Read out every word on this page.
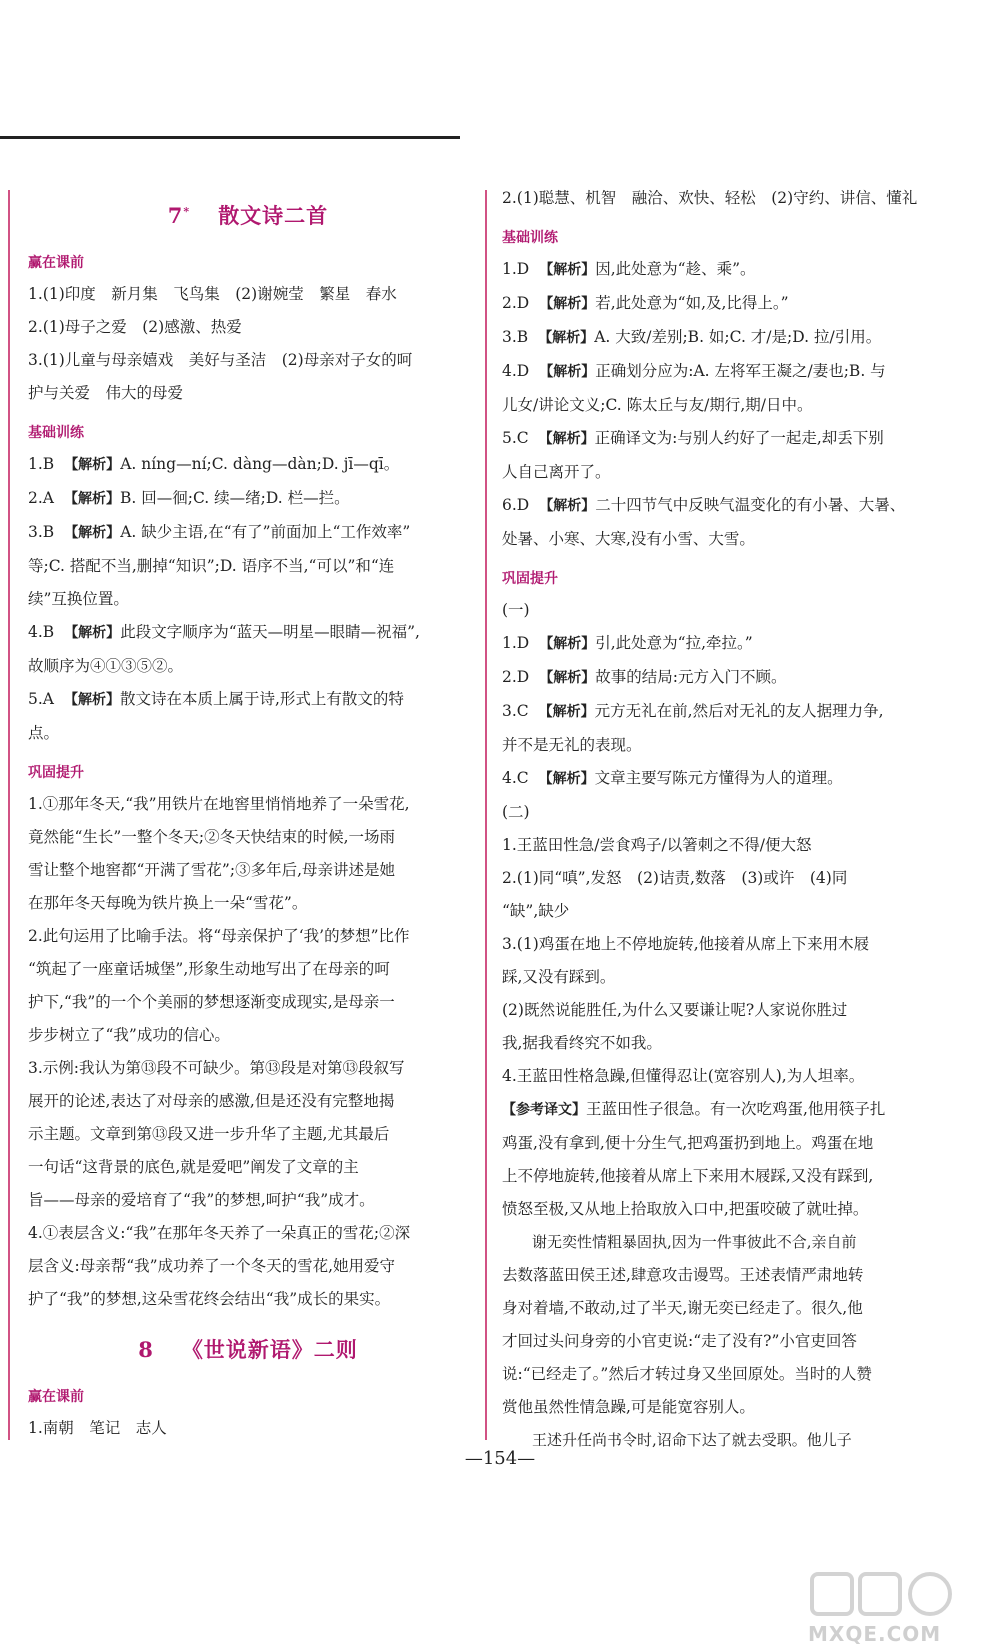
7* 散文诗二首
赢在课前

1.(1)印度　新月集　飞鸟集　(2)谢婉莹　繁星　春水

2.(1)母子之爱　(2)感激、热爱

3.(1)儿童与母亲嬉戏　美好与圣洁　(2)母亲对子女的呵

护与关爱　伟大的母爱

基础训练

1.B 【解析】A. níng—ní;C. dàng—dàn;D. jī—qī。

2.A 【解析】B. 回—徊;C. 续—绪;D. 栏—拦。

3.B 【解析】A. 缺少主语,在“有了”前面加上“工作效率”

等;C. 搭配不当,删掉“知识”;D. 语序不当,“可以”和“连

续”互换位置。

4.B 【解析】此段文字顺序为“蓝天—明星—眼睛—祝福”,

故顺序为④①③⑤②。

5.A 【解析】散文诗在本质上属于诗,形式上有散文的特

点。

巩固提升

1.①那年冬天,“我”用铁片在地窖里悄悄地养了一朵雪花,

竟然能“生长”一整个冬天;②冬天快结束的时候,一场雨

雪让整个地窖都“开满了雪花”;③多年后,母亲讲述是她

在那年冬天每晚为铁片换上一朵“雪花”。

2.此句运用了比喻手法。将“母亲保护了‘我’的梦想”比作

“筑起了一座童话城堡”,形象生动地写出了在母亲的呵

护下,“我”的一个个美丽的梦想逐渐变成现实,是母亲一

步步树立了“我”成功的信心。

3.示例:我认为第⑬段不可缺少。第⑬段是对第⑬段叙写

展开的论述,表达了对母亲的感激,但是还没有完整地揭

示主题。文章到第⑬段又进一步升华了主题,尤其最后

一句话“这背景的底色,就是爱吧”阐发了文章的主

旨——母亲的爱培育了“我”的梦想,呵护“我”成才。

4.①表层含义:“我”在那年冬天养了一朵真正的雪花;②深

层含义:母亲帮“我”成功养了一个冬天的雪花,她用爱守

护了“我”的梦想,这朵雪花终会结出“我”成长的果实。

8 《世说新语》二则
赢在课前

1.南朝　笔记　志人

2.(1)聪慧、机智　融洽、欢快、轻松　(2)守约、讲信、懂礼

基础训练

1.D 【解析】因,此处意为“趁、乘”。

2.D 【解析】若,此处意为“如,及,比得上。”

3.B 【解析】A. 大致/差别;B. 如;C. 才/是;D. 拉/引用。

4.D 【解析】正确划分应为:A. 左将军王凝之/妻也;B. 与

儿女/讲论文义;C. 陈太丘与友/期行,期/日中。

5.C 【解析】正确译文为:与别人约好了一起走,却丢下别

人自己离开了。

6.D 【解析】二十四节气中反映气温变化的有小暑、大暑、

处暑、小寒、大寒,没有小雪、大雪。

巩固提升

(一)

1.D 【解析】引,此处意为“拉,牵拉。”

2.D 【解析】故事的结局:元方入门不顾。

3.C 【解析】元方无礼在前,然后对无礼的友人据理力争,

并不是无礼的表现。

4.C 【解析】文章主要写陈元方懂得为人的道理。

(二)

1.王蓝田性急/尝食鸡子/以箸刺之不得/便大怒

2.(1)同“嗔”,发怒　(2)诘责,数落　(3)或许　(4)同

“缺”,缺少

3.(1)鸡蛋在地上不停地旋转,他接着从席上下来用木屐

踩,又没有踩到。

(2)既然说能胜任,为什么又要谦让呢?人家说你胜过

我,据我看终究不如我。

4.王蓝田性格急躁,但懂得忍让(宽容别人),为人坦率。

【参考译文】王蓝田性子很急。有一次吃鸡蛋,他用筷子扎

鸡蛋,没有拿到,便十分生气,把鸡蛋扔到地上。鸡蛋在地

上不停地旋转,他接着从席上下来用木屐踩,又没有踩到,

愤怒至极,又从地上拾取放入口中,把蛋咬破了就吐掉。

谢无奕性情粗暴固执,因为一件事彼此不合,亲自前

去数落蓝田侯王述,肆意攻击谩骂。王述表情严肃地转

身对着墙,不敢动,过了半天,谢无奕已经走了。很久,他

才回过头问身旁的小官吏说:“走了没有?”小官吏回答

说:“已经走了。”然后才转过身又坐回原处。当时的人赞

赏他虽然性情急躁,可是能宽容别人。

王述升任尚书令时,诏命下达了就去受职。他儿子

—154—
MXQE.COM
